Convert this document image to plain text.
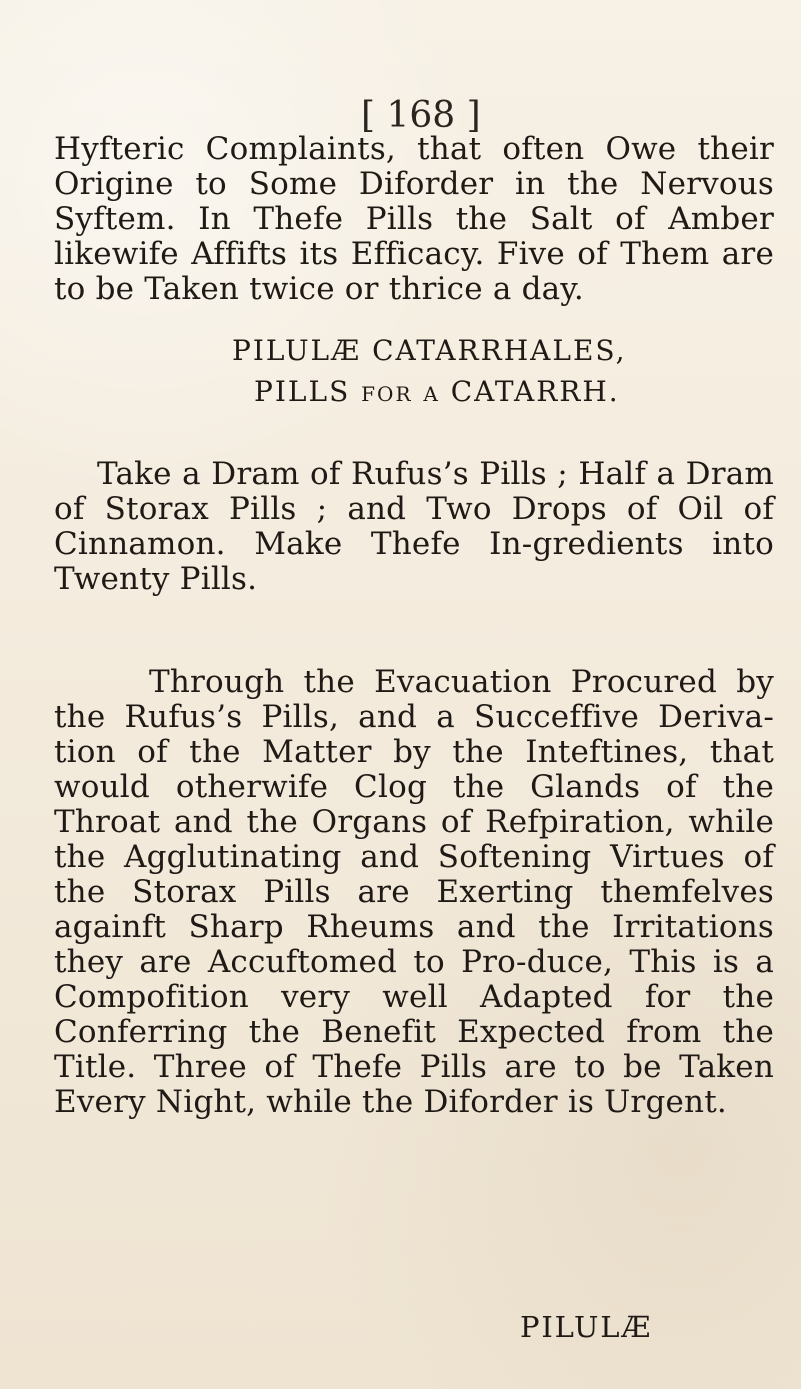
[ 168 ]

Hyfteric Complaints, that often Owe their Origine to Some Diforder in the Nervous Syftem. In Thefe Pills the Salt of Amber likewife Affifts its Efficacy. Five of Them are to be Taken twice or thrice a day.

PILULÆ CATARRHALES,
PILLS for a CATARRH.

Take a Dram of Rufus’s Pills ; Half a Dram of Storax Pills ; and Two Drops of Oil of Cinnamon. Make Thefe In-gredients into Twenty Pills.

Through the Evacuation Procured by the Rufus’s Pills, and a Succeffive Deriva-tion of the Matter by the Inteftines, that would otherwife Clog the Glands of the Throat and the Organs of Refpiration, while the Agglutinating and Softening Virtues of the Storax Pills are Exerting themfelves againft Sharp Rheums and the Irritations they are Accuftomed to Pro-duce, This is a Compofition very well Adapted for the Conferring the Benefit Expected from the Title. Three of Thefe Pills are to be Taken Every Night, while the Diforder is Urgent.

PILULÆ
